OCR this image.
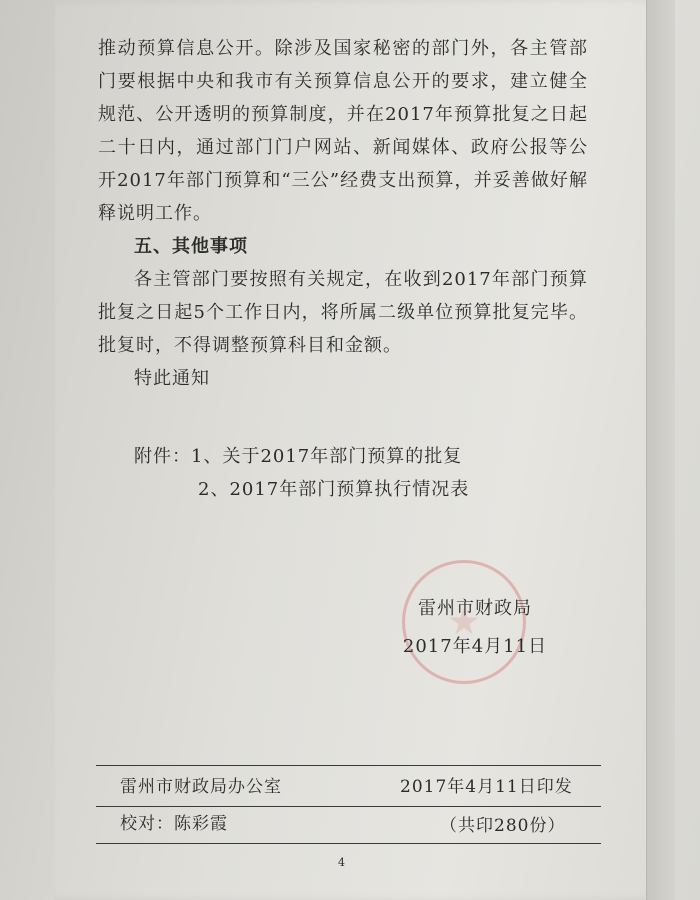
推动预算信息公开。除涉及国家秘密的部门外，各主管部门要根据中央和我市有关预算信息公开的要求，建立健全规范、公开透明的预算制度，并在2017年预算批复之日起二十日内，通过部门门户网站、新闻媒体、政府公报等公开2017年部门预算和“三公”经费支出预算，并妥善做好解释说明工作。

五、其他事项

各主管部门要按照有关规定，在收到2017年部门预算批复之日起5个工作日内，将所属二级单位预算批复完毕。批复时，不得调整预算科目和金额。

特此通知

附件：1、关于2017年部门预算的批复
2、2017年部门预算执行情况表
雷州市财政局
2017年4月11日
雷州市财政局办公室	2017年4月11日印发
校对：陈彩霞	（共印280份）
4
